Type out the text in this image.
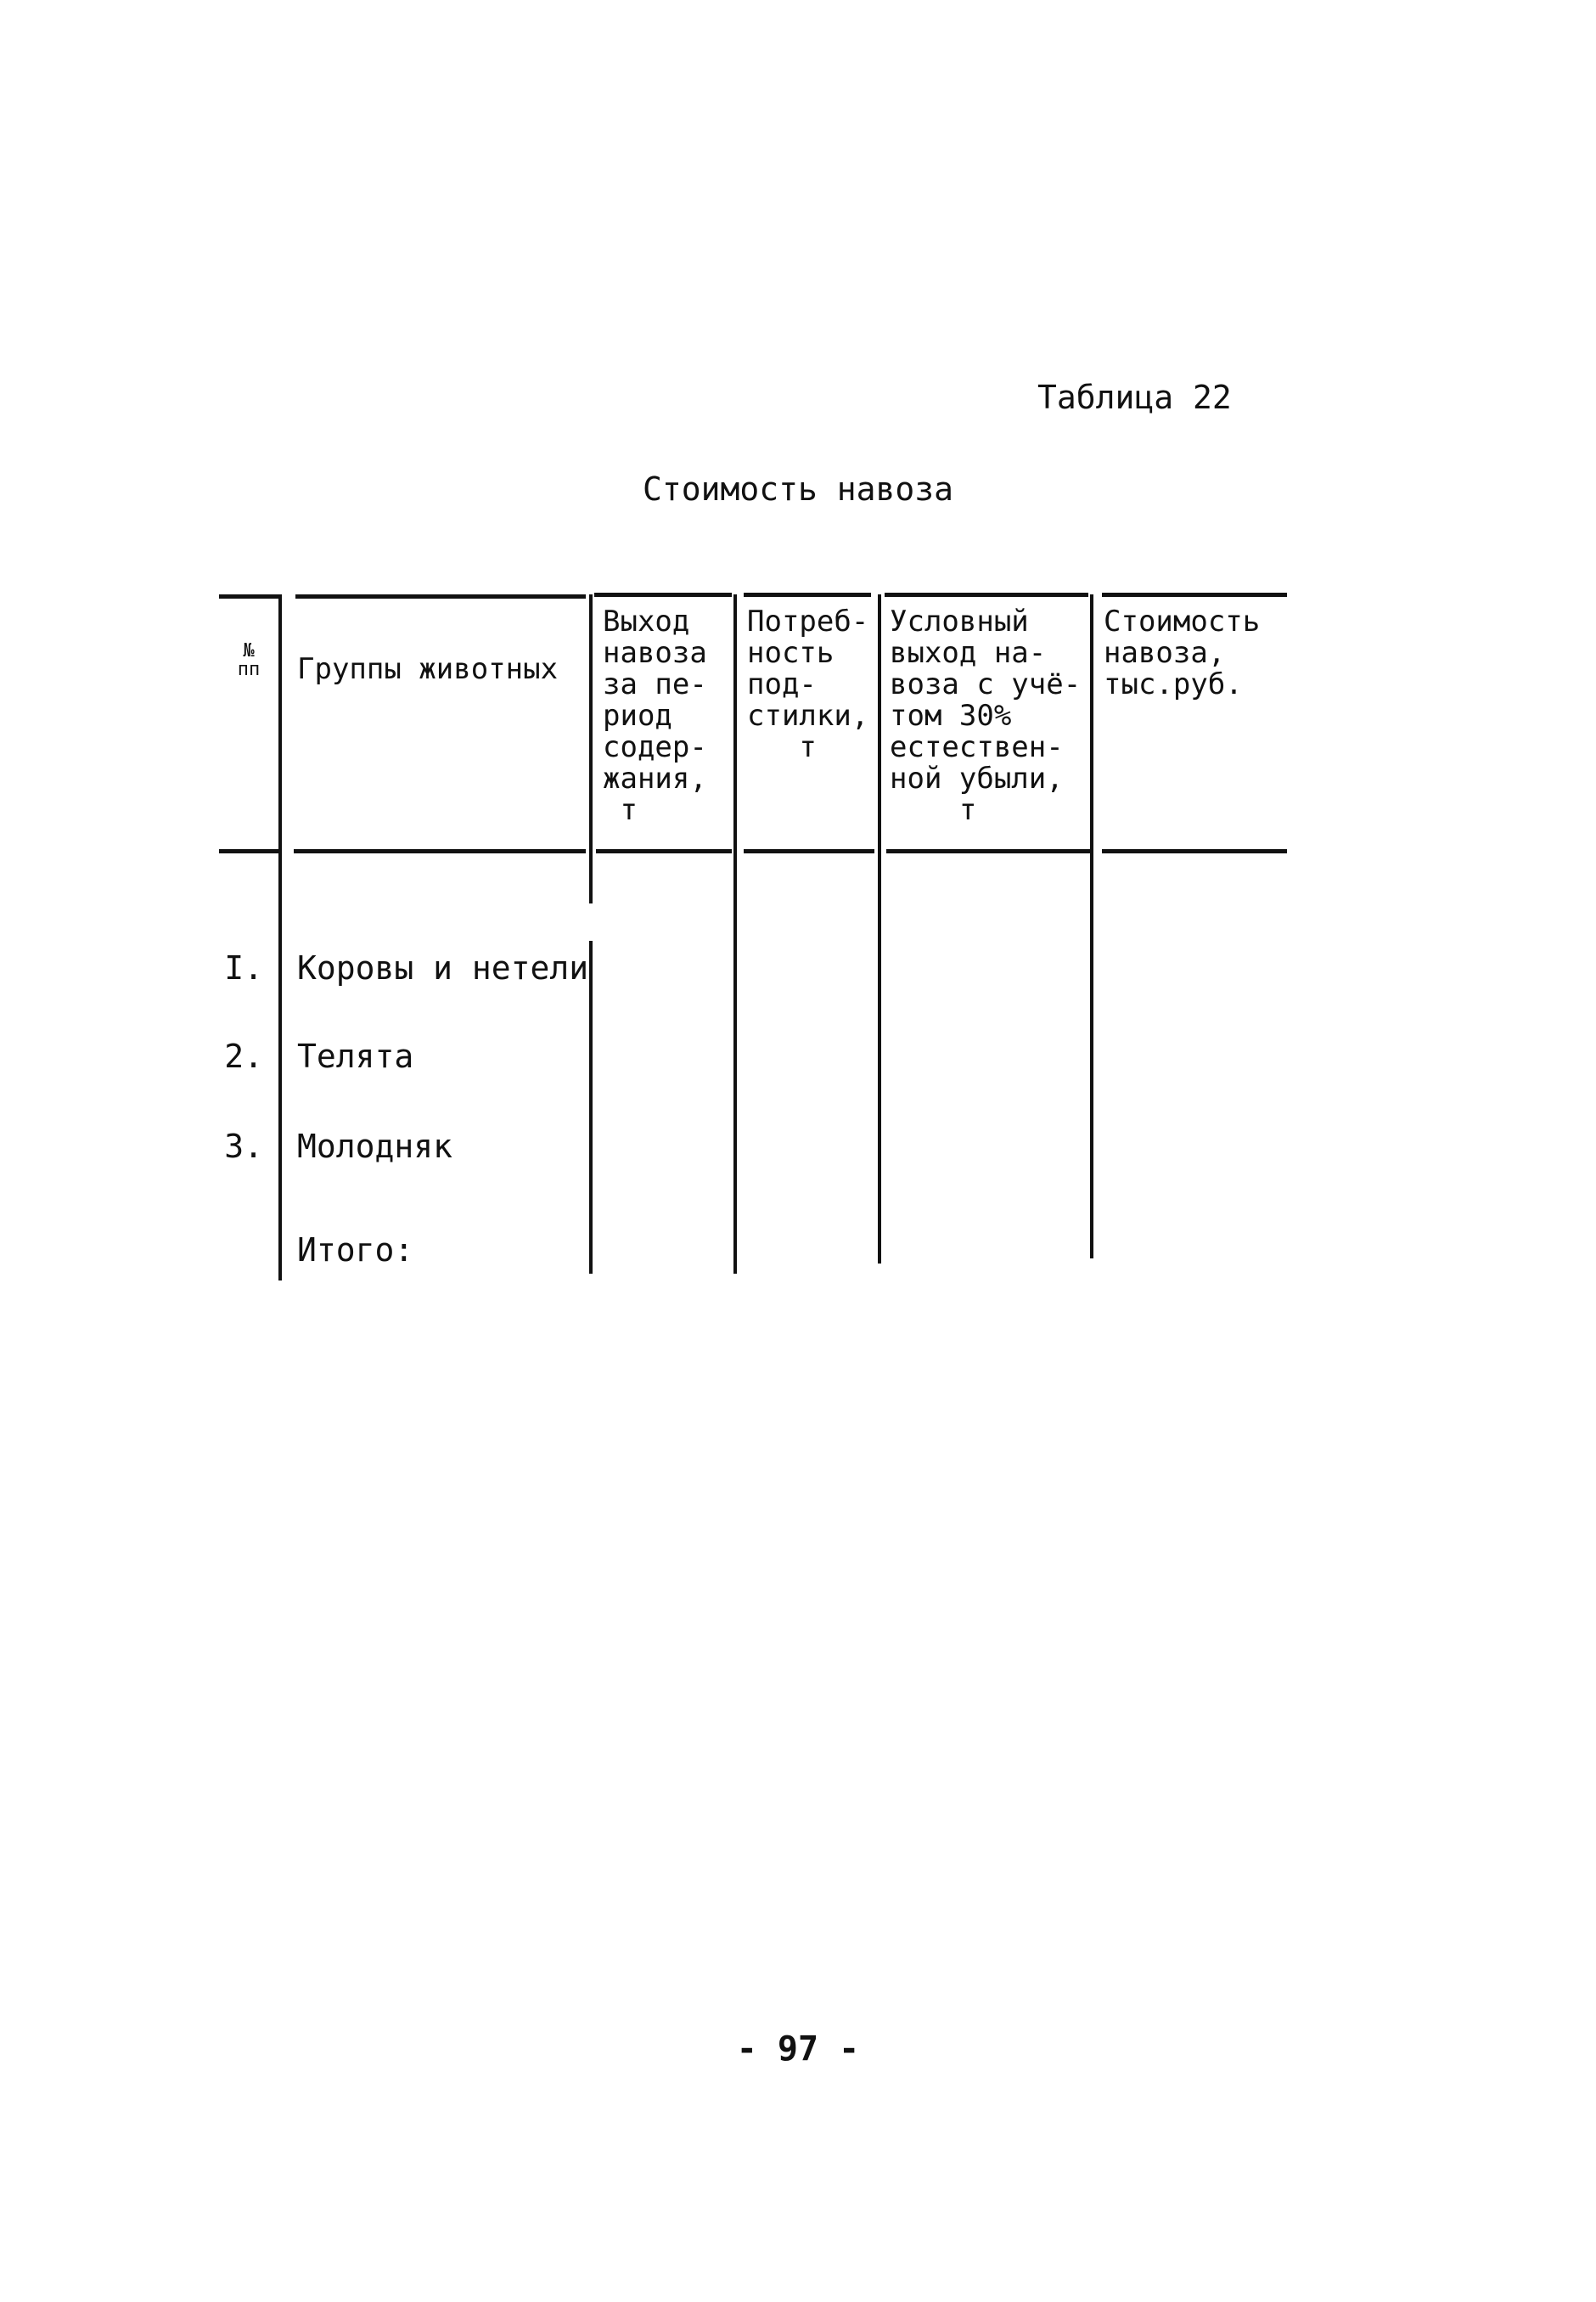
Таблица 22
Стоимость навоза
№
пп	Группы животных
Выход
навоза
за пе-
риод
содер-
жания,
т
Потреб-
ность
под-
стилки,
т
Условный
выход на-
воза с учё-
том 30%
естествен-
ной убыли,
т
Стоимость
навоза,
тыс.руб.
I. Коровы и нетели
2. Телята
3. Молодняк
Итого:
- 97 -
